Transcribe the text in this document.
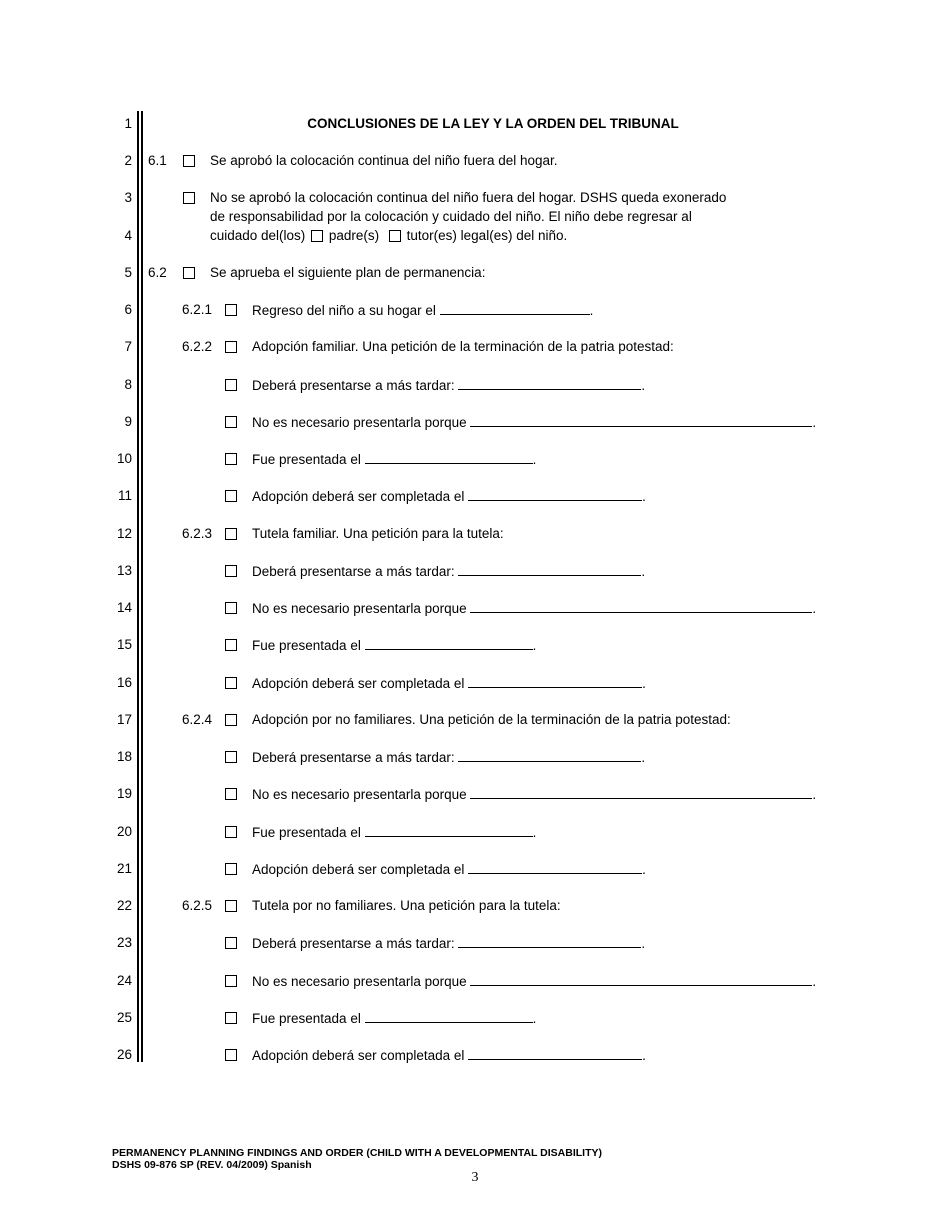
1
2
3
4
5
6
7
8
9
10
11
12
13
14
15
16
17
18
19
20
21
22
23
24
25
26
CONCLUSIONES DE LA LEY Y LA ORDEN DEL TRIBUNAL
6.1	Se aprobó la colocación continua del niño fuera del hogar.
No se aprobó la colocación continua del niño fuera del hogar. DSHS queda exonerado
de responsabilidad por la colocación y cuidado del niño. El niño debe regresar al
cuidado del(los) padre(s) tutor(es) legal(es) del niño.
6.2	Se aprueba el siguiente plan de permanencia:
6.2.1	Regreso del niño a su hogar el	.
6.2.2	Adopción familiar. Una petición de la terminación de la patria potestad:
Deberá presentarse a más tardar:	.
No es necesario presentarla porque	.
Fue presentada el	.
Adopción deberá ser completada el	.
6.2.3	Tutela familiar. Una petición para la tutela:
Deberá presentarse a más tardar:	.
No es necesario presentarla porque	.
Fue presentada el	.
Adopción deberá ser completada el	.
6.2.4	Adopción por no familiares. Una petición de la terminación de la patria potestad:
Deberá presentarse a más tardar:	.
No es necesario presentarla porque	.
Fue presentada el	.
Adopción deberá ser completada el	.
6.2.5	Tutela por no familiares. Una petición para la tutela:
Deberá presentarse a más tardar:	.
No es necesario presentarla porque	.
Fue presentada el	.
Adopción deberá ser completada el	.
PERMANENCY PLANNING FINDINGS AND ORDER (CHILD WITH A DEVELOPMENTAL DISABILITY)
DSHS 09-876 SP (REV. 04/2009) Spanish
3
